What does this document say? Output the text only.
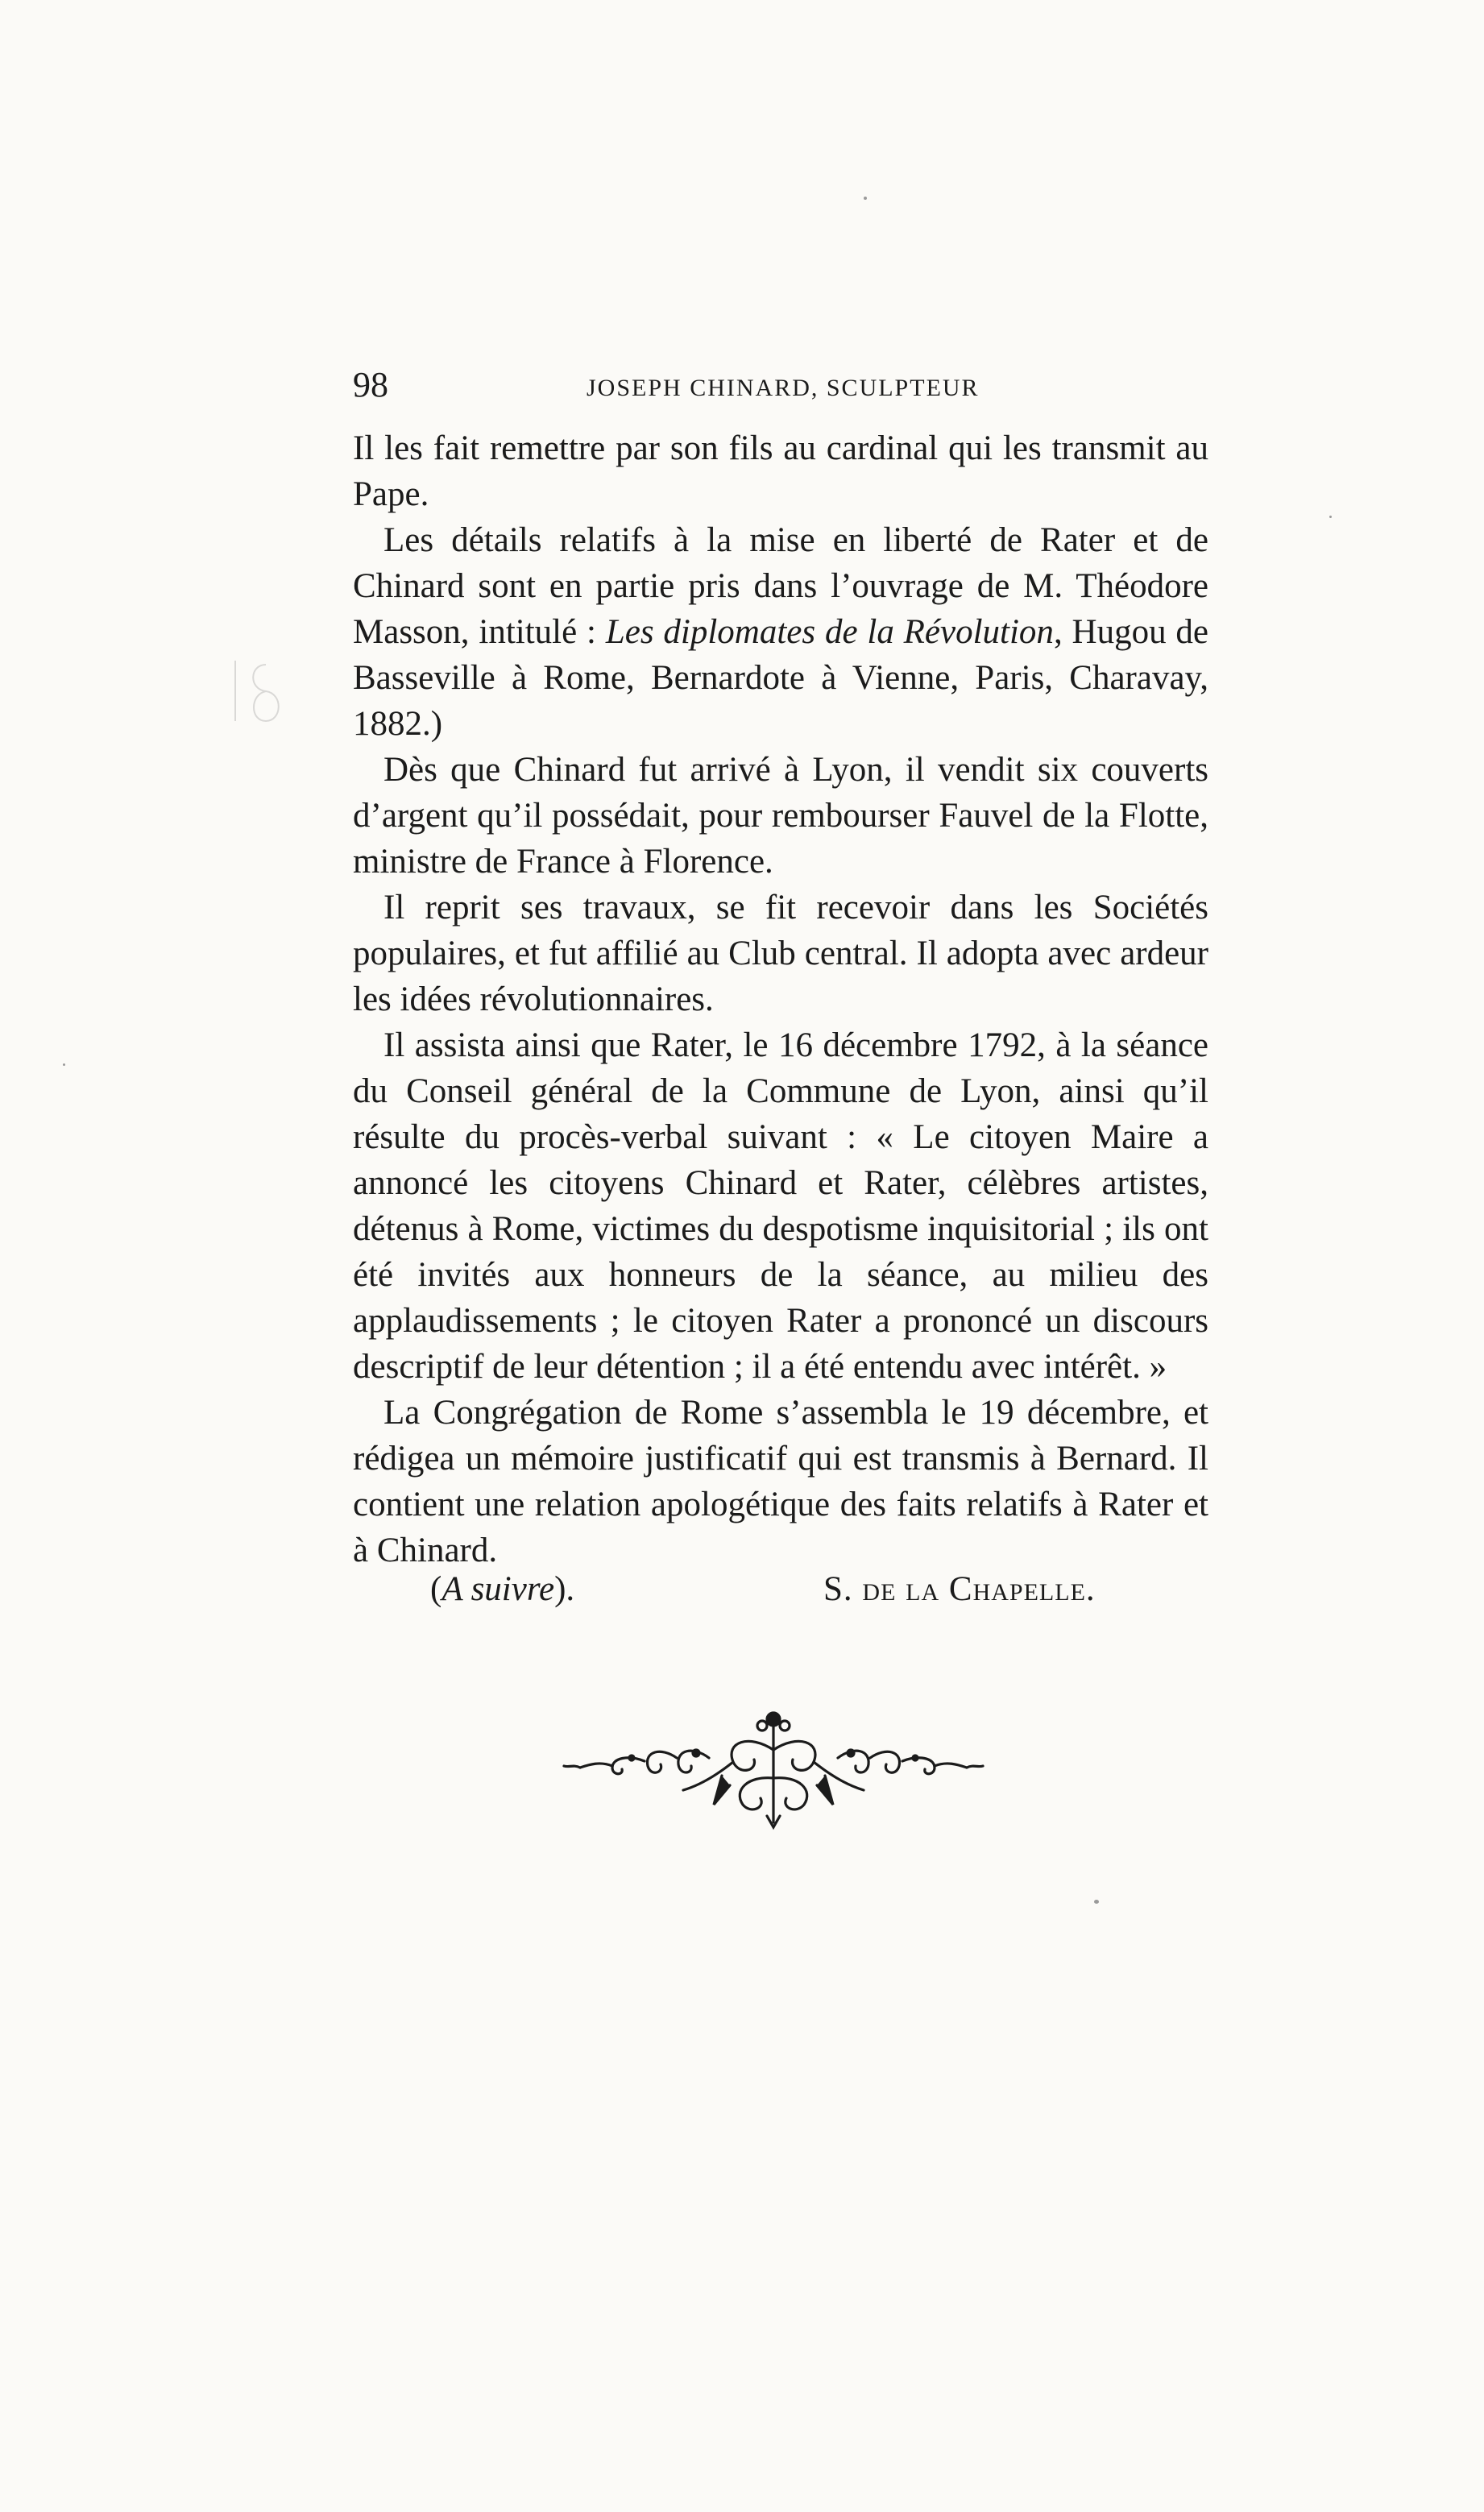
98	JOSEPH CHINARD, SCULPTEUR

Il les fait remettre par son fils au cardinal qui les transmit au Pape.

Les détails relatifs à la mise en liberté de Rater et de Chinard sont en partie pris dans l’ouvrage de M. Théodore Masson, intitulé : Les diplomates de la Révolution, Hugou de Basseville à Rome, Bernardote à Vienne, Paris, Charavay, 1882.)

Dès que Chinard fut arrivé à Lyon, il vendit six couverts d’argent qu’il possédait, pour rembourser Fauvel de la Flotte, ministre de France à Florence.

Il reprit ses travaux, se fit recevoir dans les Sociétés populaires, et fut affilié au Club central. Il adopta avec ardeur les idées révolutionnaires.

Il assista ainsi que Rater, le 16 décembre 1792, à la séance du Conseil général de la Commune de Lyon, ainsi qu’il résulte du procès-verbal suivant : « Le citoyen Maire a annoncé les citoyens Chinard et Rater, célèbres artistes, détenus à Rome, victimes du despotisme inquisitorial ; ils ont été invités aux honneurs de la séance, au milieu des applaudissements ; le citoyen Rater a prononcé un discours descriptif de leur détention ; il a été entendu avec intérêt. »

La Congrégation de Rome s’assembla le 19 décembre, et rédigea un mémoire justificatif qui est transmis à Bernard. Il contient une relation apologétique des faits relatifs à Rater et à Chinard.

(A suivre).	S. de la Chapelle.
